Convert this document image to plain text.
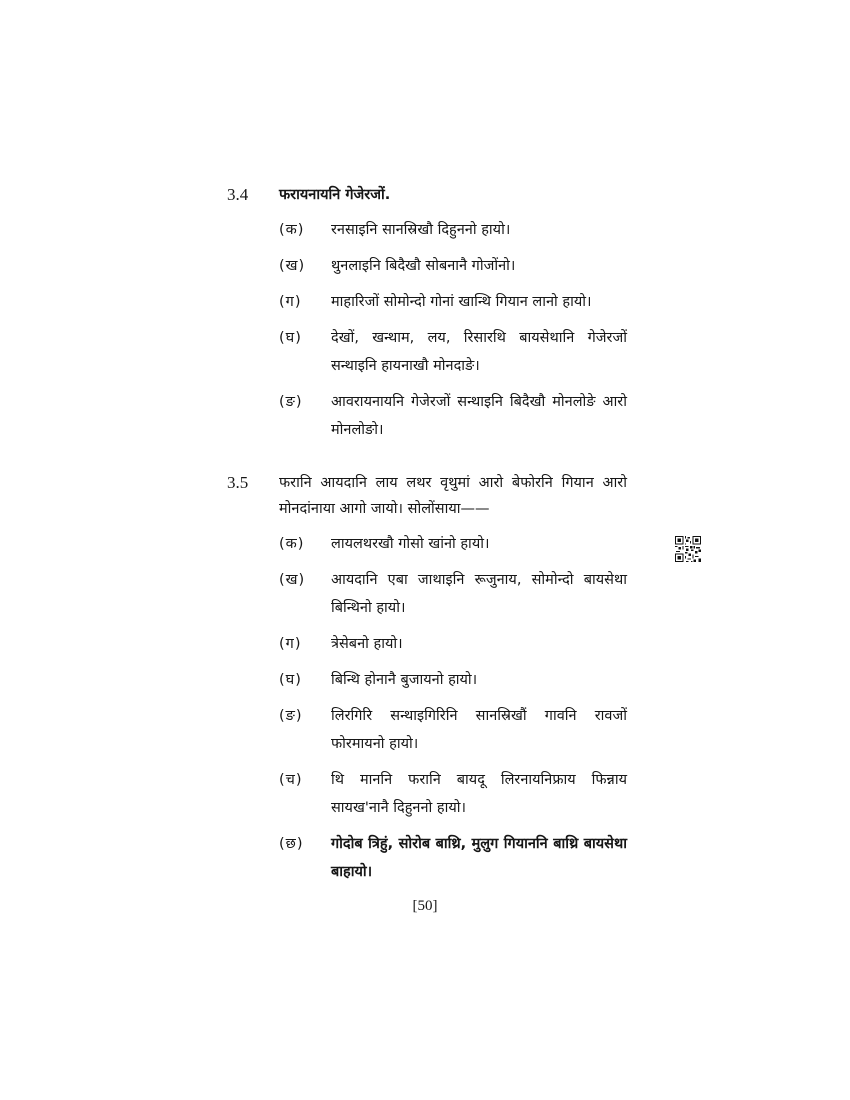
3.4	फरायनायनि गेजेरजों.
(क)	रनसाइनि सानस्रिखौ दिहुननो हायो।
(ख)	थुनलाइनि बिदैखौ सोबनानै गोजोंनो।
(ग)	माहारिजों सोमोन्दो गोनां खान्थि गियान लानो हायो।
(घ)	देखों, खन्थाम, लय, रिसारथि बायसेथानि गेजेरजों सन्थाइनि हायनाखौ मोनदाङे।
(ङ)	आवरायनायनि गेजेरजों सन्थाइनि बिदैखौ मोनलोङे आरो मोनलोङो।
3.5	फरानि आयदानि लाय लथर वृथुमां आरो बेफोरनि गियान आरो मोनदांनाया आगो जायो। सोलोंसाया——
(क)	लायलथरखौ गोसो खांनो हायो।
(ख)	आयदानि एबा जाथाइनि रूजुनाय, सोमोन्दो बायसेथा बिन्थिनो हायो।
(ग)	त्रेसेबनो हायो।
(घ)	बिन्थि होनानै बुजायनो हायो।
(ङ)	लिरगिरि सन्थाइगिरिनि सानस्रिखौं गावनि रावजों फोरमायनो हायो।
(च)	थि माननि फरानि बायदू लिरनायनिफ्राय फिन्नाय सायख'नानै दिहुननो हायो।
(छ)	गोदोब त्रिहुं, सोरोब बाथ्रि, मुलुग गियाननि बाथ्रि बायसेथा बाहायो।
[50]
